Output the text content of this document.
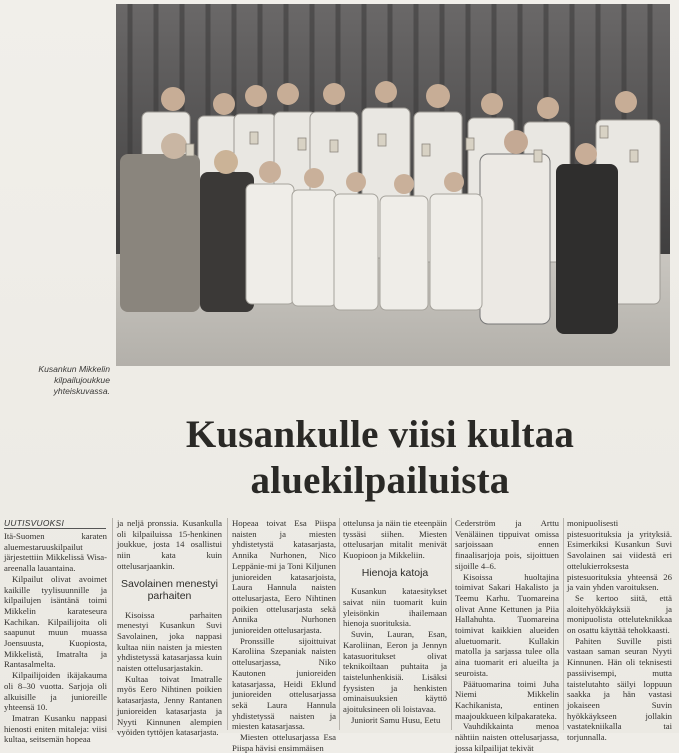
Kusankun Mikkelin kilpailujoukkue yhteiskuvassa.
Kusankulle viisi kultaa aluekilpailuista
UUTISVUOKSI

Itä-Suomen karaten aluemestaruuskilpailut järjestettiin Mikkelissä Wisa-areenalla lauantaina.

Kilpailut olivat avoimet kaikille tyylisuunnille ja kilpailujen isäntänä toimi Mikkelin karateseura Kachikan. Kilpailijoita oli saapunut muun muassa Joensuusta, Kuopiosta, Mikkelistä, Imatralta ja Rantasalmelta.

Kilpailijoiden ikäjakauma oli 8–30 vuotta. Sarjoja oli alkuisille ja junioreille yhteensä 10.

Imatran Kusanku nappasi hienosti eniten mitaleja: viisi kultaa, seitsemän hopeaa

ja neljä pronssia. Kusankulla oli kilpailuissa 15-henkinen joukkue, josta 14 osallistui niin kata kuin ottelusarjaankin.

Savolainen menestyi parhaiten

Kisoissa parhaiten menestyi Kusankun Suvi Savolainen, joka nappasi kultaa niin naisten ja miesten yhdistetyssä katasarjassa kuin naisten ottelusarjastakin.

Kultaa toivat Imatralle myös Eero Nihtinen poikien katasarjasta, Jenny Rantanen junioreiden katasarjasta ja Nyyti Kinnunen alempien vyöiden tyttöjen katasarjasta.

Hopeaa toivat Esa Piispa naisten ja miesten yhdistetystä katasarjasta, Annika Nurhonen, Nico Leppänie-mi ja Toni Kiljunen junioreiden katasarjoista, Laura Hannula naisten ottelusarjasta, Eero Nihtinen poikien ottelusarjasta sekä Annika Nurhonen junioreiden ottelusarjasta.

Pronssille sijoittuivat Karoliina Szepaniak naisten ottelusarjassa, Niko Kautonen junioreiden katasarjassa, Heidi Eklund junioreiden ottelusarjassa sekä Laura Hannula yhdistetyssä naisten ja miesten katasarjassa.

Miesten ottelusarjassa Esa Piispa hävisi ensimmäisen

ottelunsa ja näin tie eteenpäin tyssäsi siihen. Miesten ottelusarjan mitalit menivät Kuopioon ja Mikkeliin.

Hienoja katoja

Kusankun kataesitykset saivat niin tuomarit kuin yleisönkin ihailemaan hienoja suorituksia.

Suvin, Lauran, Esan, Karoliinan, Eeron ja Jennyn katasuoritukset olivat teknikoiltaan puhtaita ja taistelunhenkisiä. Lisäksi fyysisten ja henkisten ominaisuuksien käyttö ajoituksineen oli loistavaa.

Juniorit Samu Husu, Eetu

Cederström ja Arttu Venäläinen tippuivat omissa sarjoissaan ennen finaalisarjoja pois, sijoittuen sijoille 4–6.

Kisoissa huoltajina toimivat Sakari Hakalisto ja Teemu Karhu. Tuomareina olivat Anne Kettunen ja Piia Hallahuhta. Tuomareina toimivat kaikkien alueiden aluetuomarit. Kullakin matolla ja sarjassa tulee olla aina tuomarit eri alueilta ja seuroista.

Päätuomarina toimi Juha Niemi Mikkelin Kachikanista, entinen maajoukkueen kilpakarateka.

Vauhdikkainta menoa nähtiin naisten ottelusarjassa, jossa kilpailijat tekivät

monipuolisesti pistesuorituksia ja yrityksiä. Esimerkiksi Kusankun Suvi Savolainen sai viidestä eri ottelukierroksesta pistesuorituksia yhteensä 26 ja vain yhden varoituksen.

Se kertoo siitä, että aloitehyökkäyksiä ja monipuolista otteluteknikkaa on osattu käyttää tehokkaasti.

Pahiten Suville pisti vastaan saman seuran Nyyti Kinnunen. Hän oli teknisesti passiivisempi, mutta taistelutahto säilyi loppuun saakka ja hän vastasi jokaiseen Suvin hyökkäykseen jollakin vastatekniikalla tai torjunnalla.
